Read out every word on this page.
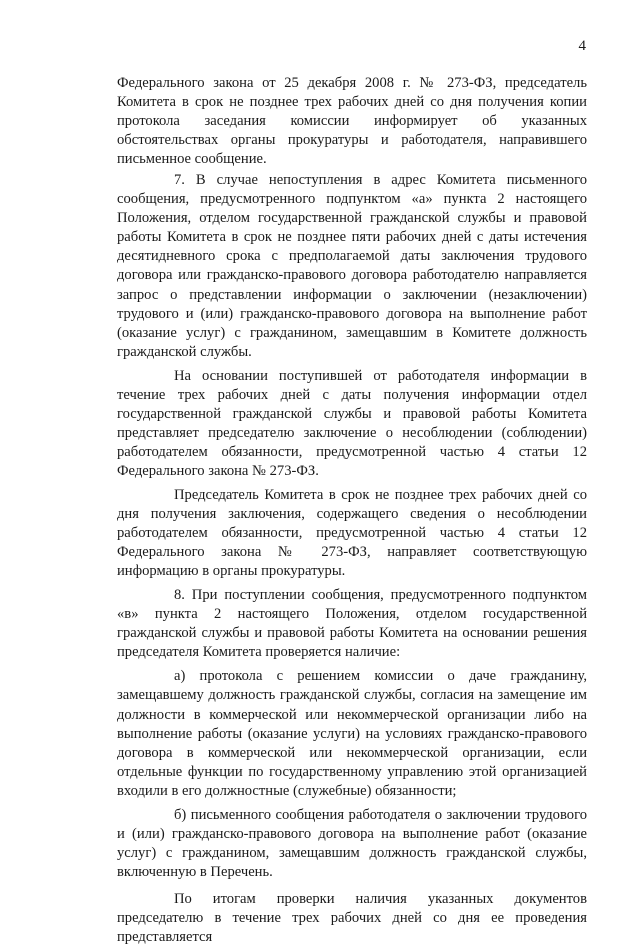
4

Федерального закона от 25 декабря 2008 г. № 273-ФЗ, председатель Комитета в срок не позднее трех рабочих дней со дня получения копии протокола заседания комиссии информирует об указанных обстоятельствах органы прокуратуры и работодателя, направившего письменное сообщение.

7. В случае непоступления в адрес Комитета письменного сообщения, предусмотренного подпунктом «а» пункта 2 настоящего Положения, отделом государственной гражданской службы и правовой работы Комитета в срок не позднее пяти рабочих дней с даты истечения десятидневного срока с предполагаемой даты заключения трудового договора или гражданско-правового договора работодателю направляется запрос о представлении информации о заключении (незаключении) трудового и (или) гражданско-правового договора на выполнение работ (оказание услуг) с гражданином, замещавшим в Комитете должность гражданской службы.

На основании поступившей от работодателя информации в течение трех рабочих дней с даты получения информации отдел государственной гражданской службы и правовой работы Комитета представляет председателю заключение о несоблюдении (соблюдении) работодателем обязанности, предусмотренной частью 4 статьи 12 Федерального закона № 273-ФЗ.

Председатель Комитета в срок не позднее трех рабочих дней со дня получения заключения, содержащего сведения о несоблюдении работодателем обязанности, предусмотренной частью 4 статьи 12 Федерального закона № 273-ФЗ, направляет соответствующую информацию в органы прокуратуры.

8. При поступлении сообщения, предусмотренного подпунктом «в» пункта 2 настоящего Положения, отделом государственной гражданской службы и правовой работы Комитета на основании решения председателя Комитета проверяется наличие:

а) протокола с решением комиссии о даче гражданину, замещавшему должность гражданской службы, согласия на замещение им должности в коммерческой или некоммерческой организации либо на выполнение работы (оказание услуги) на условиях гражданско-правового договора в коммерческой или некоммерческой организации, если отдельные функции по государственному управлению этой организацией входили в его должностные (служебные) обязанности;

б) письменного сообщения работодателя о заключении трудового и (или) гражданско-правового договора на выполнение работ (оказание услуг) с гражданином, замещавшим должность гражданской службы, включенную в Перечень.

По итогам проверки наличия указанных документов председателю в течение трех рабочих дней со дня ее проведения представляется
